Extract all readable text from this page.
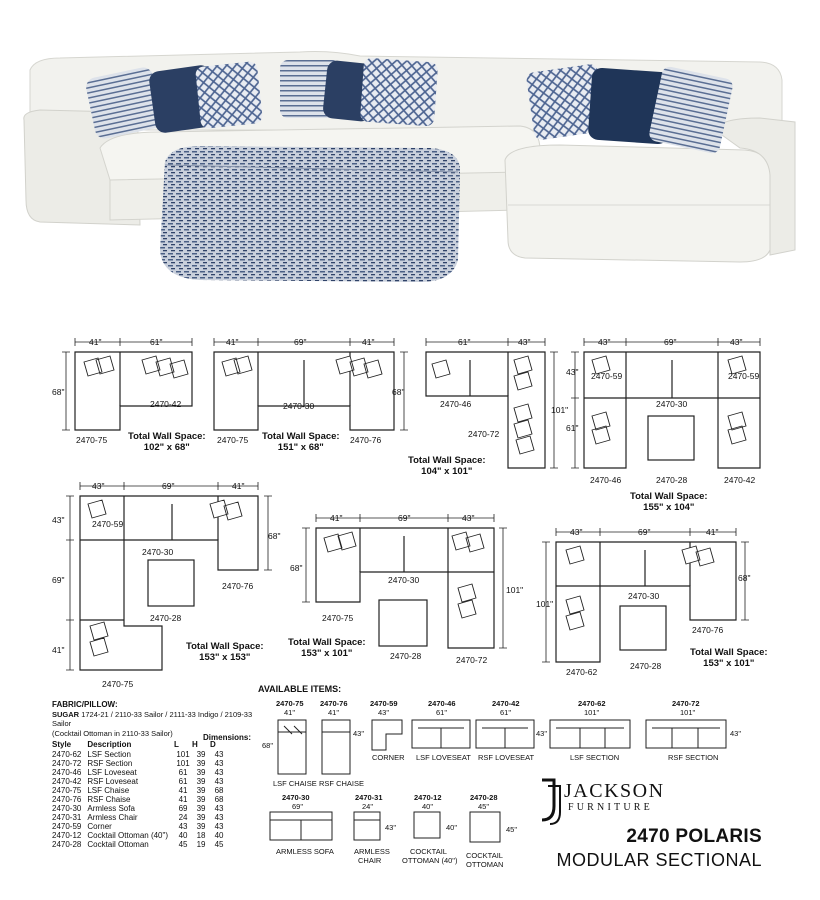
41"	61"
68"
2470-42
2470-75 Total Wall Space:
102" x 68"
41"	69"	41"
68"
2470-30
2470-75	2470-76
Total Wall Space:
151" x 68"
61"	43"
101"
2470-46
2470-72
Total Wall Space:
104" x 101"
43"	69"	43"
43"
61"
2470-59	2470-59
2470-30
2470-28
2470-46	2470-42
Total Wall Space:
155" x 104"
43"	69"	41"
43"
69"
41"
68"
2470-59
2470-30
2470-28
2470-76
2470-75
Total Wall Space:
153" x 153"
41"	69"	43"
68"
101"
2470-30
2470-75
2470-28	2470-72
Total Wall Space:
153" x 101"
43"	69"	41"
101"
68"
2470-30
2470-76
2470-62
2470-28
Total Wall Space:
153" x 101"
FABRIC/PILLOW:
SUGAR 1724-21 / 2110-33 Sailor / 2111-33 Indigo / 2109-33 Sailor
(Cocktail Ottoman in 2110-33 Sailor)	Dimensions:
Style	Description	L	H	D
2470-62	LSF Section	101	39	43
2470-72	RSF Section	101	39	43
2470-46	LSF Loveseat	61	39	43
2470-42	RSF Loveseat	61	39	43
2470-75	LSF Chaise	41	39	68
2470-76	RSF Chaise	41	39	68
2470-30	Armless Sofa	69	39	43
2470-31	Armless Chair	24	39	43
2470-59	Corner	43	39	43
2470-12	Cocktail Ottoman (40")	40	18	40
2470-28	Cocktail Ottoman	45	19	45
AVAILABLE ITEMS:
2470-75
41"
68"
LSF CHAISE
2470-76
41"
43"
RSF CHAISE
2470-59
43"
CORNER
2470-46
61"
LSF LOVESEAT
2470-42
61"
43"
RSF LOVESEAT
2470-62
101"
LSF SECTION
2470-72
101"
43"
RSF SECTION
2470-30
69"
ARMLESS SOFA
2470-31
24"
43"
ARMLESS
CHAIR
2470-12
40"
40"
COCKTAIL
OTTOMAN (40")
2470-28
45"
45"
COCKTAIL
OTTOMAN
JACKSON
FURNITURE
2470 POLARIS
MODULAR SECTIONAL
